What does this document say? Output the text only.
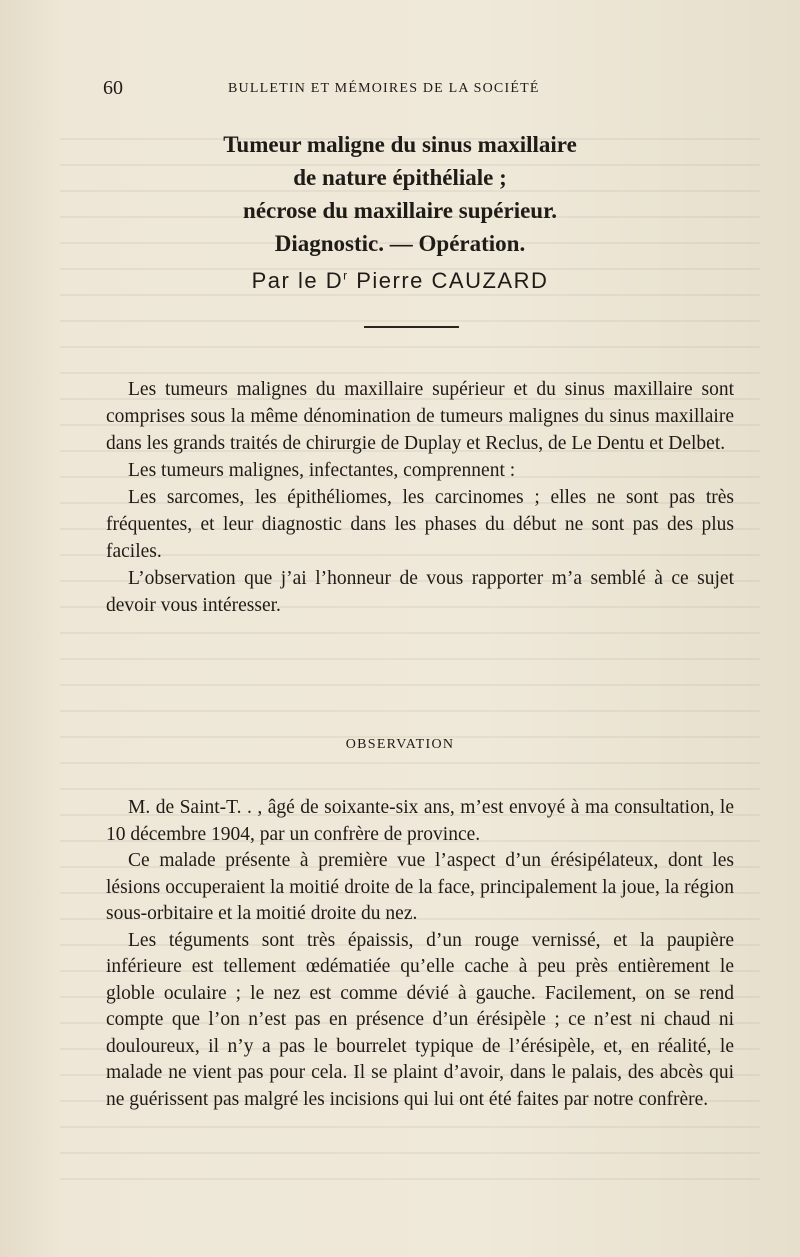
60	BULLETIN ET MÉMOIRES DE LA SOCIÉTÉ
Tumeur maligne du sinus maxillaire
de nature épithéliale ;
nécrose du maxillaire supérieur.
Diagnostic. — Opération.
Par le $D^r$ Pierre CAUZARD

Les tumeurs malignes du maxillaire supérieur et du sinus maxillaire sont comprises sous la même dénomination de tumeurs malignes du sinus maxillaire dans les grands traités de chirurgie de Duplay et Reclus, de Le Dentu et Delbet.

Les tumeurs malignes, infectantes, comprennent :

Les sarcomes, les épithéliomes, les carcinomes ; elles ne sont pas très fréquentes, et leur diagnostic dans les phases du début ne sont pas des plus faciles.

L’observation que j’ai l’honneur de vous rapporter m’a semblé à ce sujet devoir vous intéresser.

OBSERVATION

M. de Saint-T. . , âgé de soixante-six ans, m’est envoyé à ma consultation, le 10 décembre 1904, par un confrère de province.

Ce malade présente à première vue l’aspect d’un érésipélateux, dont les lésions occuperaient la moitié droite de la face, principalement la joue, la région sous-orbitaire et la moitié droite du nez.

Les téguments sont très épaissis, d’un rouge vernissé, et la paupière inférieure est tellement œdématiée qu’elle cache à peu près entièrement le globle oculaire ; le nez est comme dévié à gauche. Facilement, on se rend compte que l’on n’est pas en présence d’un érésipèle ; ce n’est ni chaud ni douloureux, il n’y a pas le bourrelet typique de l’érésipèle, et, en réalité, le malade ne vient pas pour cela. Il se plaint d’avoir, dans le palais, des abcès qui ne guérissent pas malgré les incisions qui lui ont été faites par notre confrère.
